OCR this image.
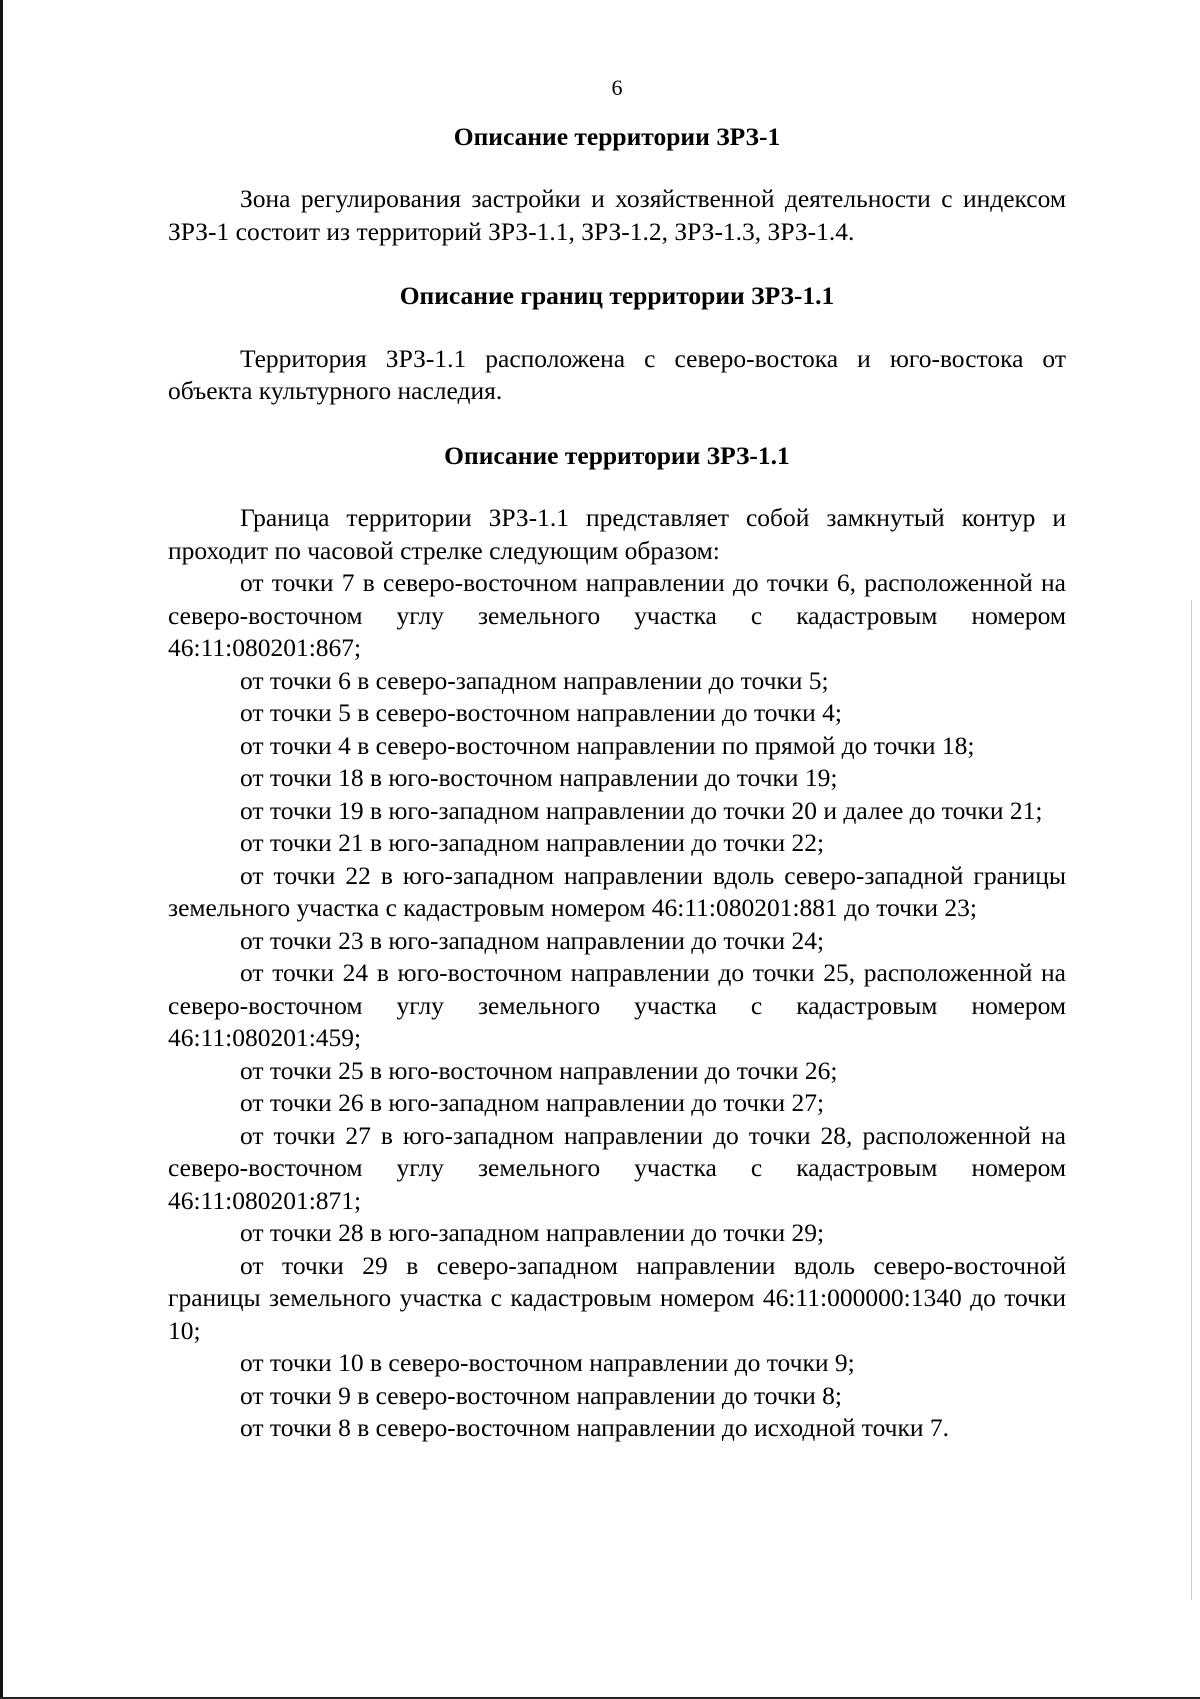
6
Описание территории ЗРЗ-1

Зона регулирования застройки и хозяйственной деятельности с индексом ЗРЗ-1 состоит из территорий ЗРЗ-1.1, ЗРЗ-1.2, ЗРЗ-1.3, ЗРЗ-1.4.

Описание границ территории ЗРЗ-1.1

Территория ЗРЗ-1.1 расположена с северо-востока и юго-востока от объекта культурного наследия.

Описание территории ЗРЗ-1.1

Граница территории ЗРЗ-1.1 представляет собой замкнутый контур и проходит по часовой стрелке следующим образом:

от точки 7 в северо-восточном направлении до точки 6, расположенной на северо-восточном углу земельного участка с кадастровым номером 46:11:080201:867;

от точки 6 в северо-западном направлении до точки 5;

от точки 5 в северо-восточном направлении до точки 4;

от точки 4 в северо-восточном направлении по прямой до точки 18;

от точки 18 в юго-восточном направлении до точки 19;

от точки 19 в юго-западном направлении до точки 20 и далее до точки 21;

от точки 21 в юго-западном направлении до точки 22;

от точки 22 в юго-западном направлении вдоль северо-западной границы земельного участка с кадастровым номером 46:11:080201:881 до точки 23;

от точки 23 в юго-западном направлении до точки 24;

от точки 24 в юго-восточном направлении до точки 25, расположенной на северо-восточном углу земельного участка с кадастровым номером 46:11:080201:459;

от точки 25 в юго-восточном направлении до точки 26;

от точки 26 в юго-западном направлении до точки 27;

от точки 27 в юго-западном направлении до точки 28, расположенной на северо-восточном углу земельного участка с кадастровым номером 46:11:080201:871;

от точки 28 в юго-западном направлении до точки 29;

от точки 29 в северо-западном направлении вдоль северо-восточной границы земельного участка с кадастровым номером 46:11:000000:1340 до точки 10;

от точки 10 в северо-восточном направлении до точки 9;

от точки 9 в северо-восточном направлении до точки 8;

от точки 8 в северо-восточном направлении до исходной точки 7.
